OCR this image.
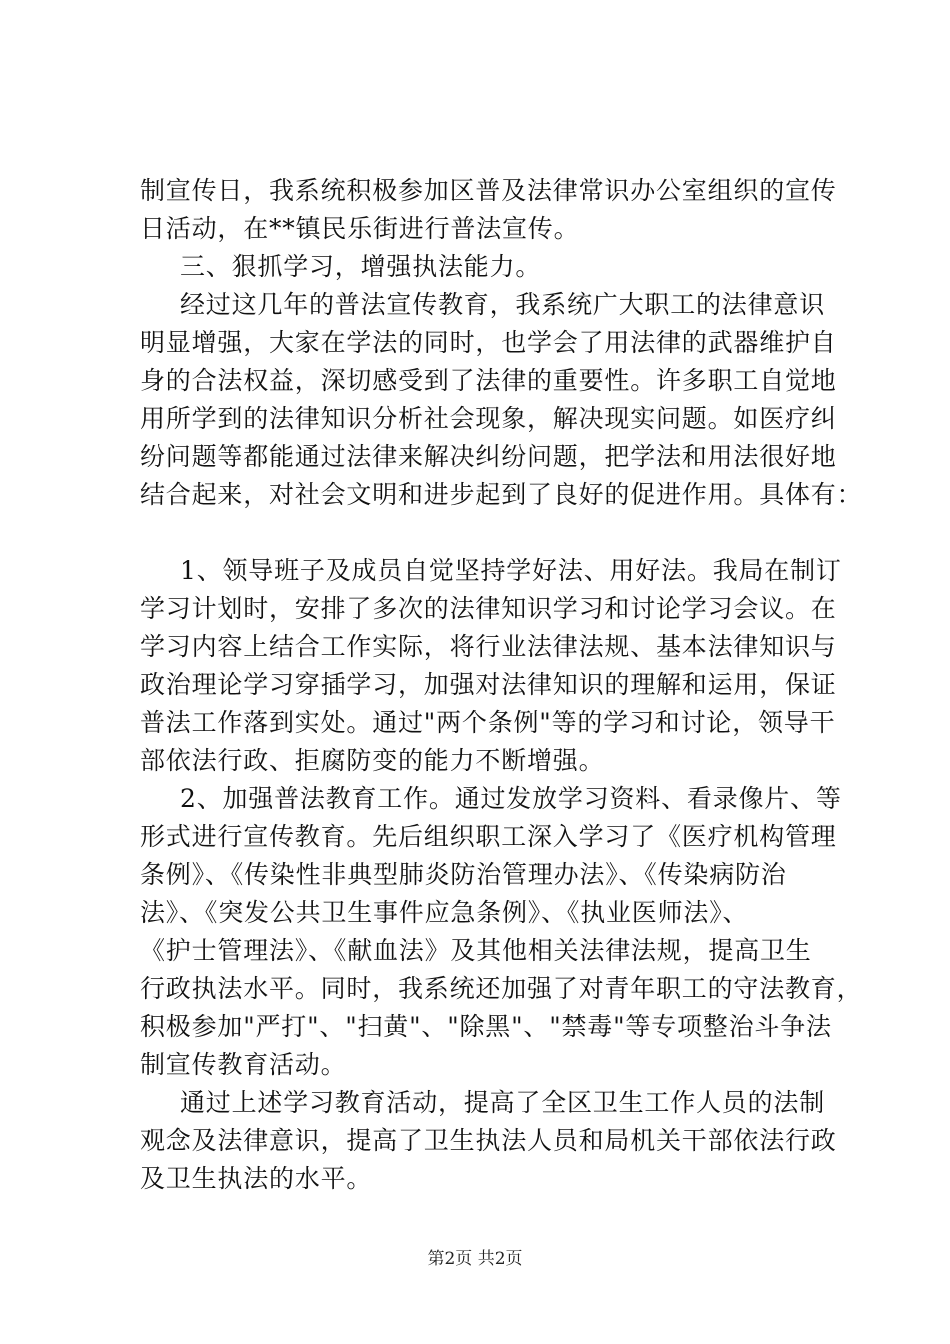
制宣传日，我系统积极参加区普及法律常识办公室组织的宣传
日活动，在**镇民乐街进行普法宣传。
三、狠抓学习，增强执法能力。
经过这几年的普法宣传教育，我系统广大职工的法律意识
明显增强，大家在学法的同时，也学会了用法律的武器维护自
身的合法权益，深切感受到了法律的重要性。许多职工自觉地
用所学到的法律知识分析社会现象，解决现实问题。如医疗纠
纷问题等都能通过法律来解决纠纷问题，把学法和用法很好地
结合起来，对社会文明和进步起到了良好的促进作用。具体有：
1、领导班子及成员自觉坚持学好法、用好法。我局在制订
学习计划时，安排了多次的法律知识学习和讨论学习会议。在
学习内容上结合工作实际，将行业法律法规、基本法律知识与
政治理论学习穿插学习，加强对法律知识的理解和运用，保证
普法工作落到实处。通过"两个条例"等的学习和讨论，领导干
部依法行政、拒腐防变的能力不断增强。
2、加强普法教育工作。通过发放学习资料、看录像片、等
形式进行宣传教育。先后组织职工深入学习了《医疗机构管理
条例》、《传染性非典型肺炎防治管理办法》、《传染病防治
法》、《突发公共卫生事件应急条例》、《执业医师法》、
《护士管理法》、《献血法》及其他相关法律法规，提高卫生
行政执法水平。同时，我系统还加强了对青年职工的守法教育，
积极参加"严打"、"扫黄"、"除黑"、"禁毒"等专项整治斗争法
制宣传教育活动。
通过上述学习教育活动，提高了全区卫生工作人员的法制
观念及法律意识，提高了卫生执法人员和局机关干部依法行政
及卫生执法的水平。
第2页 共2页
